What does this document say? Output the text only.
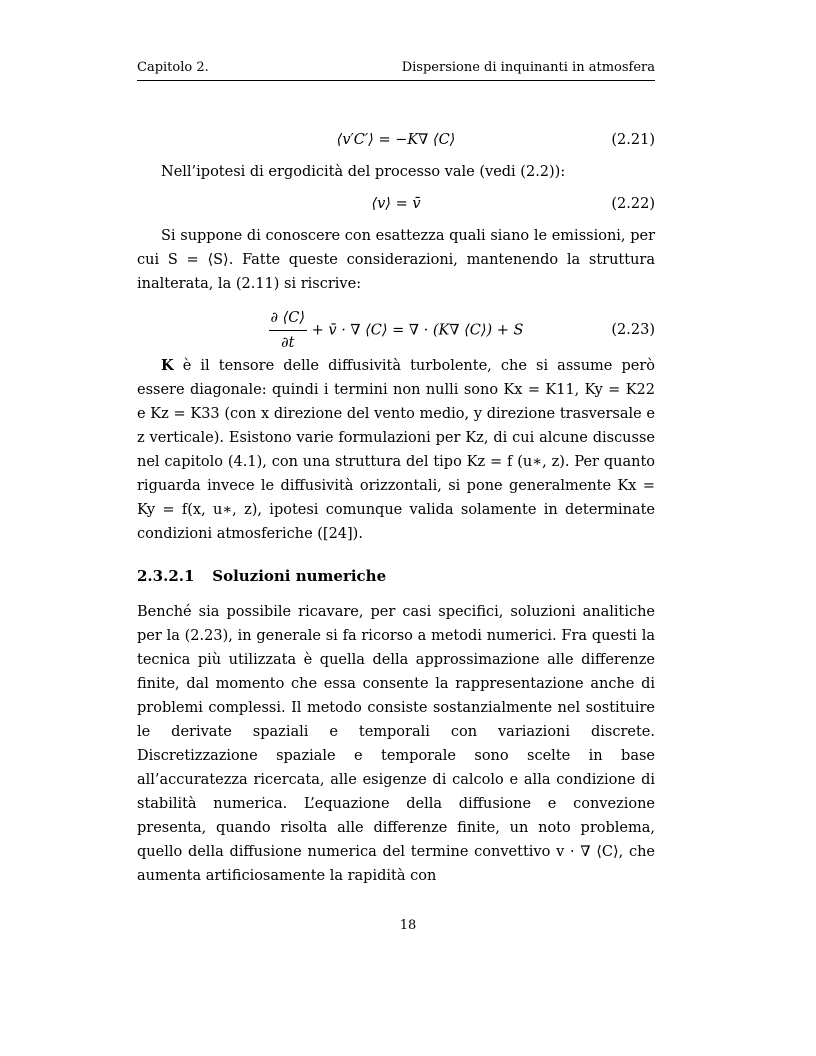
Capitolo 2.	Dispersione di inquinanti in atmosfera
⟨v′C′⟩ = −K∇ ⟨C⟩	(2.21)

Nell’ipotesi di ergodicità del processo vale (vedi (2.2)):

⟨v⟩ = v̄	(2.22)

Si suppone di conoscere con esattezza quali siano le emissioni, per cui S = ⟨S⟩. Fatte queste considerazioni, mantenendo la struttura inalterata, la (2.11) si riscrive:

$\frac{\partial ⟨C⟩}{\partial t}$ + v̄ · ∇ ⟨C⟩ = ∇ · (K∇ ⟨C⟩) + S	(2.23)

K è il tensore delle diffusività turbolente, che si assume però essere diagonale: quindi i termini non nulli sono Kx = K11, Ky = K22 e Kz = K33 (con x direzione del vento medio, y direzione trasversale e z verticale). Esistono varie formulazioni per Kz, di cui alcune discusse nel capitolo (4.1), con una struttura del tipo Kz = f (u∗, z). Per quanto riguarda invece le diffusività orizzontali, si pone generalmente Kx = Ky = f(x, u∗, z), ipotesi comunque valida solamente in determinate condizioni atmosferiche ([24]).

2.3.2.1 Soluzioni numeriche

Benché sia possibile ricavare, per casi specifici, soluzioni analitiche per la (2.23), in generale si fa ricorso a metodi numerici. Fra questi la tecnica più utilizzata è quella della approssimazione alle differenze finite, dal momento che essa consente la rappresentazione anche di problemi complessi. Il metodo consiste sostanzialmente nel sostituire le derivate spaziali e temporali con variazioni discrete. Discretizzazione spaziale e temporale sono scelte in base all’accuratezza ricercata, alle esigenze di calcolo e alla condizione di stabilità numerica. L’equazione della diffusione e convezione presenta, quando risolta alle differenze finite, un noto problema, quello della diffusione numerica del termine convettivo v · ∇ ⟨C⟩, che aumenta artificiosamente la rapidità con

18
